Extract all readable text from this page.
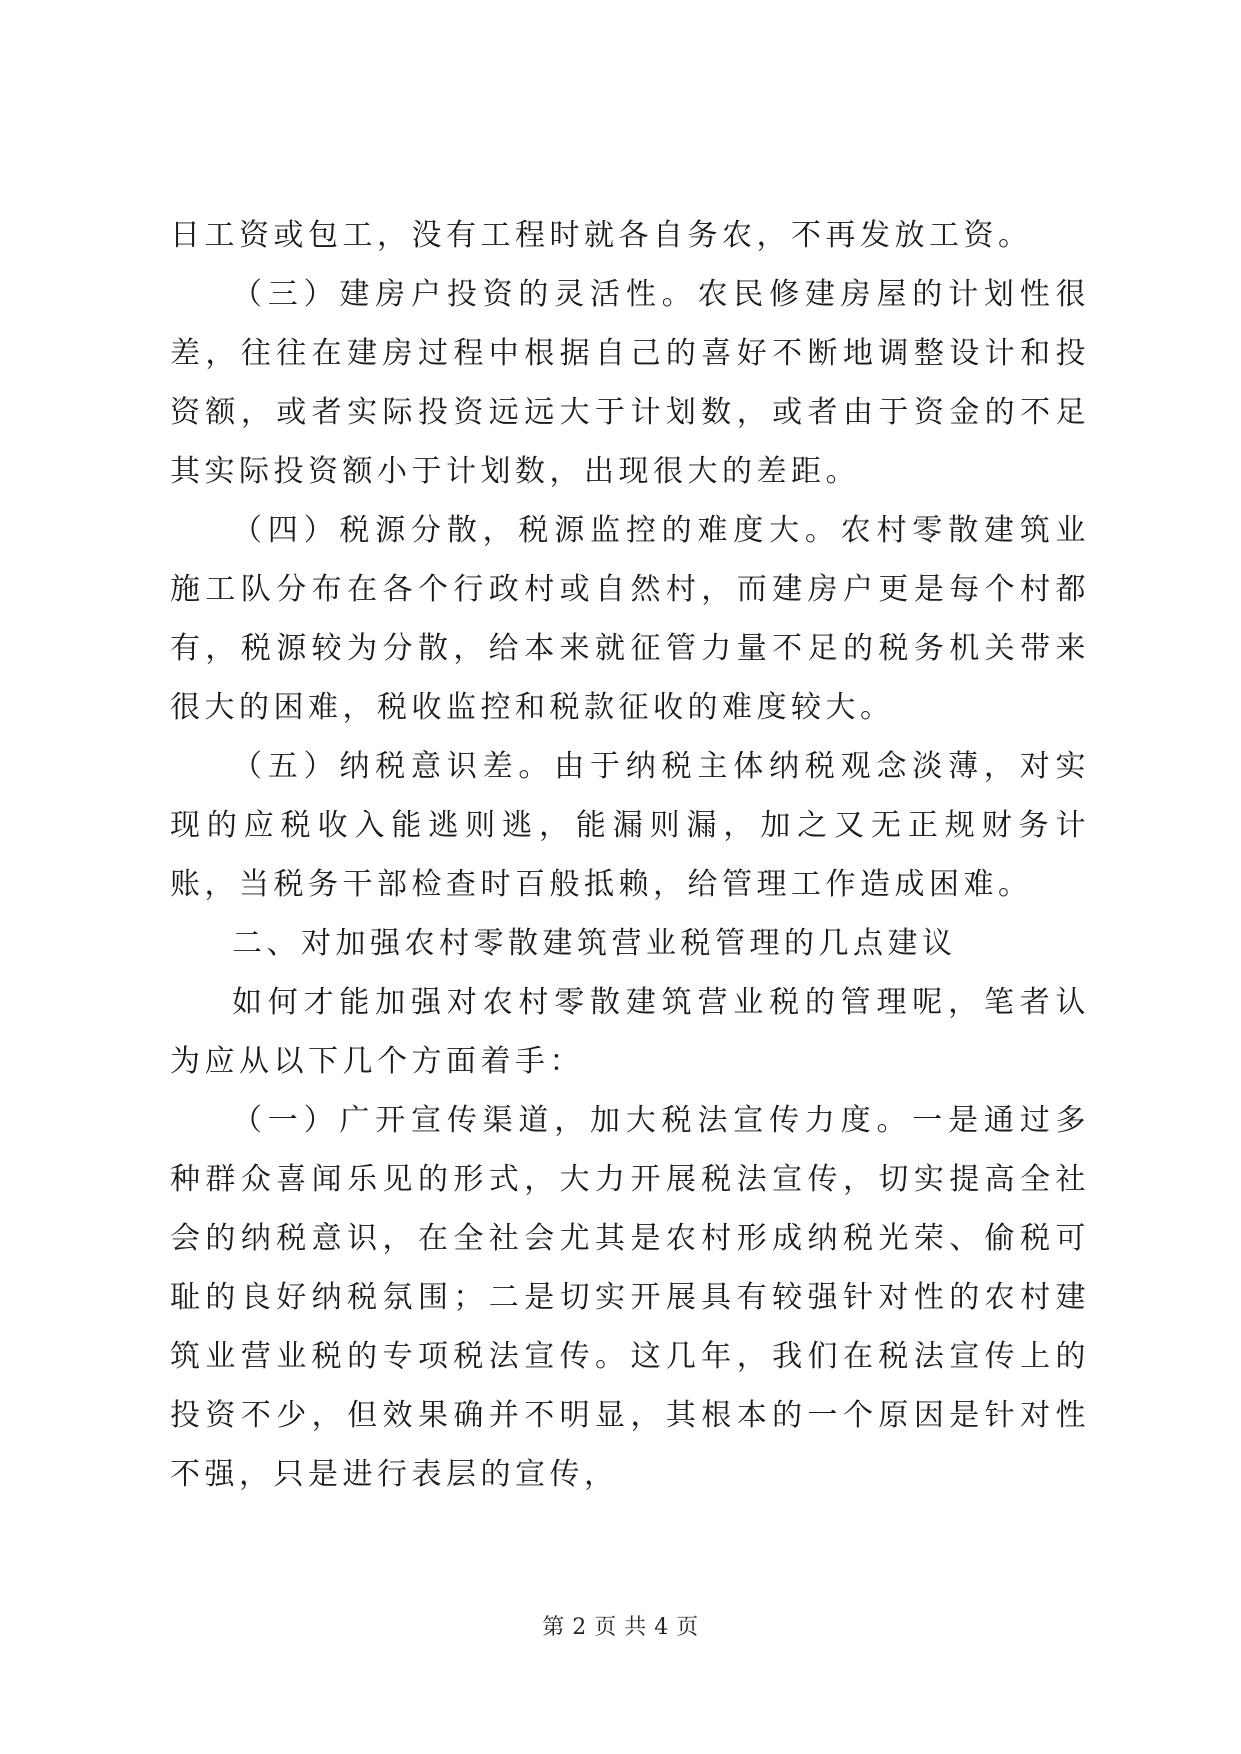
日工资或包工，没有工程时就各自务农，不再发放工资。

（三）建房户投资的灵活性。农民修建房屋的计划性很差，往往在建房过程中根据自己的喜好不断地调整设计和投资额，或者实际投资远远大于计划数，或者由于资金的不足其实际投资额小于计划数，出现很大的差距。

（四）税源分散，税源监控的难度大。农村零散建筑业施工队分布在各个行政村或自然村，而建房户更是每个村都有，税源较为分散，给本来就征管力量不足的税务机关带来很大的困难，税收监控和税款征收的难度较大。

（五）纳税意识差。由于纳税主体纳税观念淡薄，对实现的应税收入能逃则逃，能漏则漏，加之又无正规财务计账，当税务干部检查时百般抵赖，给管理工作造成困难。

二、对加强农村零散建筑营业税管理的几点建议

如何才能加强对农村零散建筑营业税的管理呢，笔者认为应从以下几个方面着手：

（一）广开宣传渠道，加大税法宣传力度。一是通过多种群众喜闻乐见的形式，大力开展税法宣传，切实提高全社会的纳税意识，在全社会尤其是农村形成纳税光荣、偷税可耻的良好纳税氛围；二是切实开展具有较强针对性的农村建筑业营业税的专项税法宣传。这几年，我们在税法宣传上的投资不少，但效果确并不明显，其根本的一个原因是针对性不强，只是进行表层的宣传，

第 2 页 共 4 页
